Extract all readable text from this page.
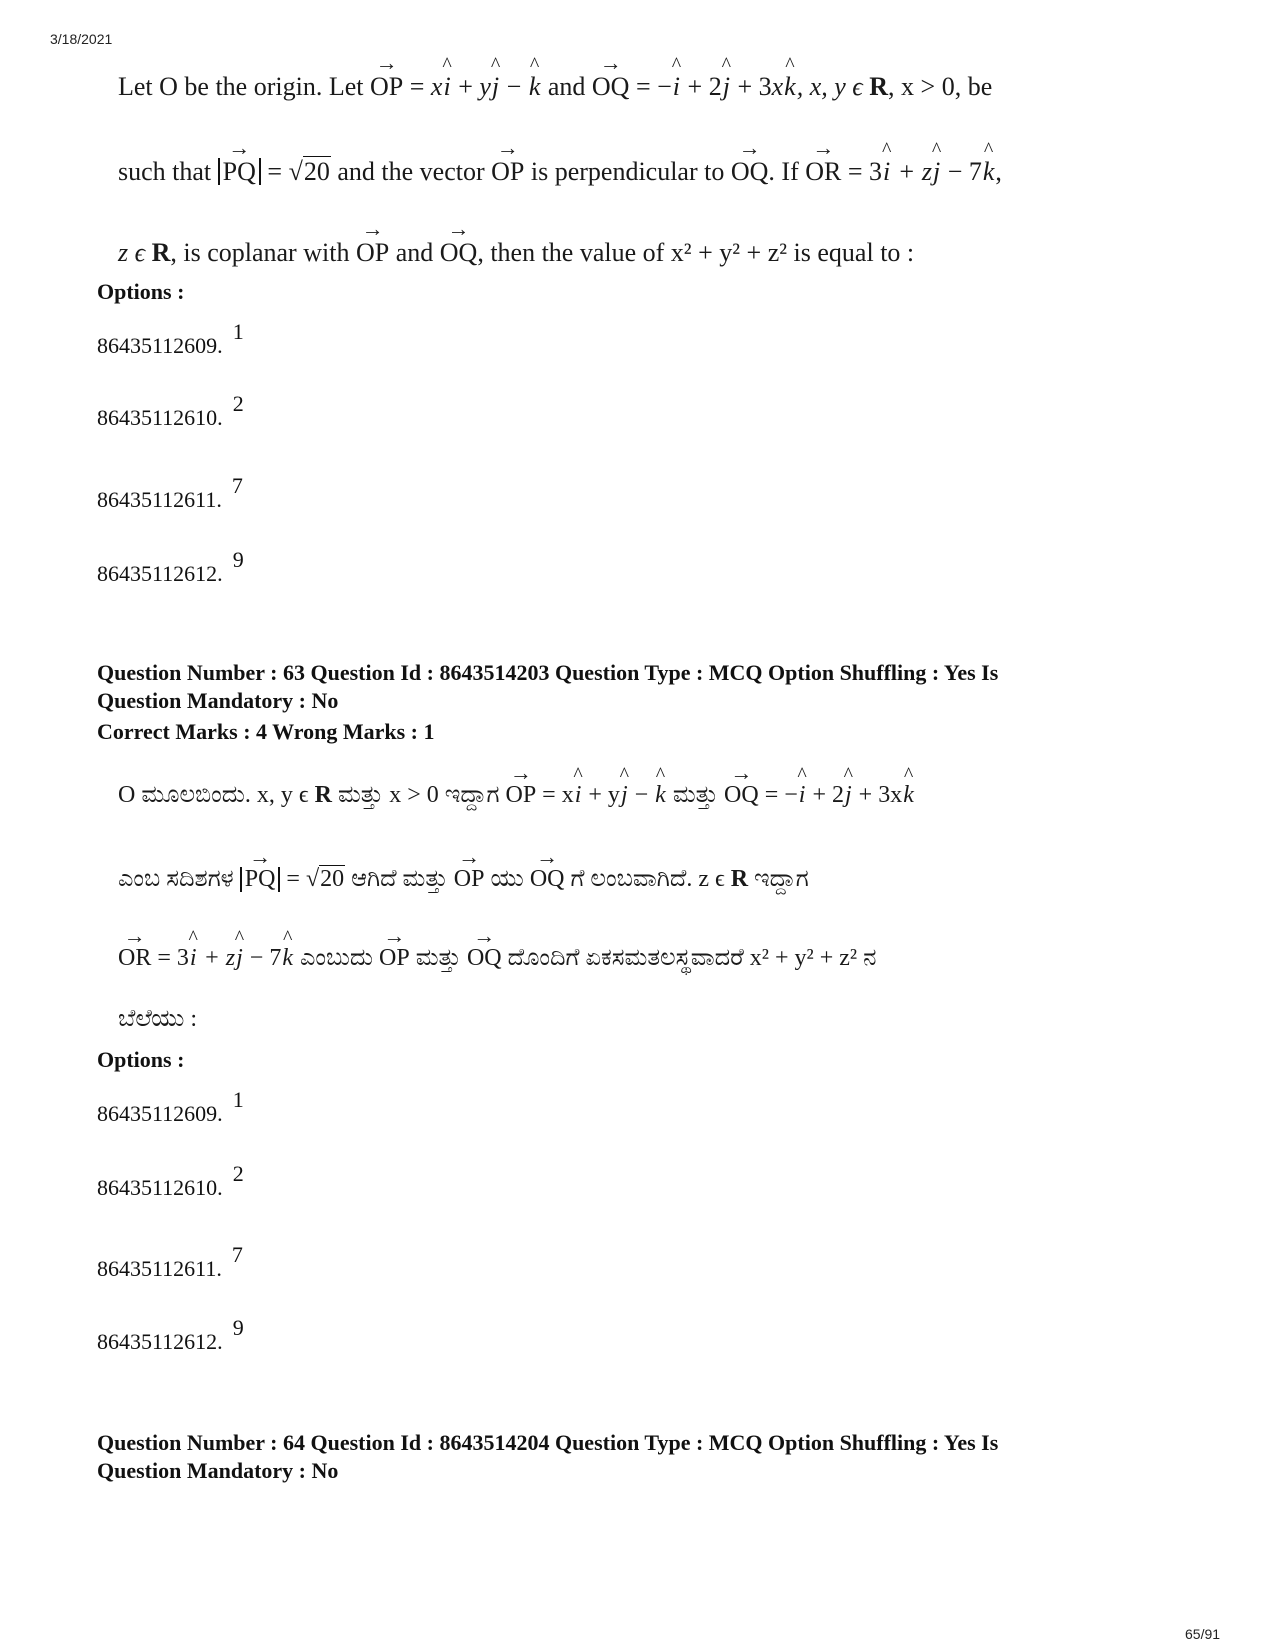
3/18/2021
Let O be the origin. Let → OP = x^ i + y^ j − ^ k and → OQ = −^ i + 2^ j + 3x^ k, x, y ϵ R, x > 0, be
such that → PQ = √20 and the vector → OP is perpendicular to → OQ. If → OR = 3^ i + z^ j − 7^ k,
z ϵ R, is coplanar with → OP and → OQ, then the value of x² + y² + z² is equal to :
Options :
86435112609.1
86435112610.2
86435112611.7
86435112612.9
Question Number : 63 Question Id : 8643514203 Question Type : MCQ Option Shuffling : Yes Is
Question Mandatory : No
Correct Marks : 4 Wrong Marks : 1
O ಮೂಲಬಿಂದು. x, y ϵ R ಮತ್ತು x > 0 ಇದ್ದಾಗ → OP = x^ i + y^ j − ^ k ಮತ್ತು → OQ = −^ i + 2^ j + 3x^ k
ಎಂಬ ಸದಿಶಗಳ → PQ = √20 ಆಗಿದೆ ಮತ್ತು → OP ಯು → OQ ಗೆ ಲಂಬವಾಗಿದೆ. z ϵ R ಇದ್ದಾಗ
→ OR = 3^ i + z^ j − 7^ k ಎಂಬುದು → OP ಮತ್ತು → OQ ದೊಂದಿಗೆ ಏಕಸಮತಲಸ್ಥವಾದರೆ x² + y² + z² ನ
ಬೆಲೆಯು :
Options :
86435112609.1
86435112610.2
86435112611.7
86435112612.9
Question Number : 64 Question Id : 8643514204 Question Type : MCQ Option Shuffling : Yes Is
Question Mandatory : No
65/91
